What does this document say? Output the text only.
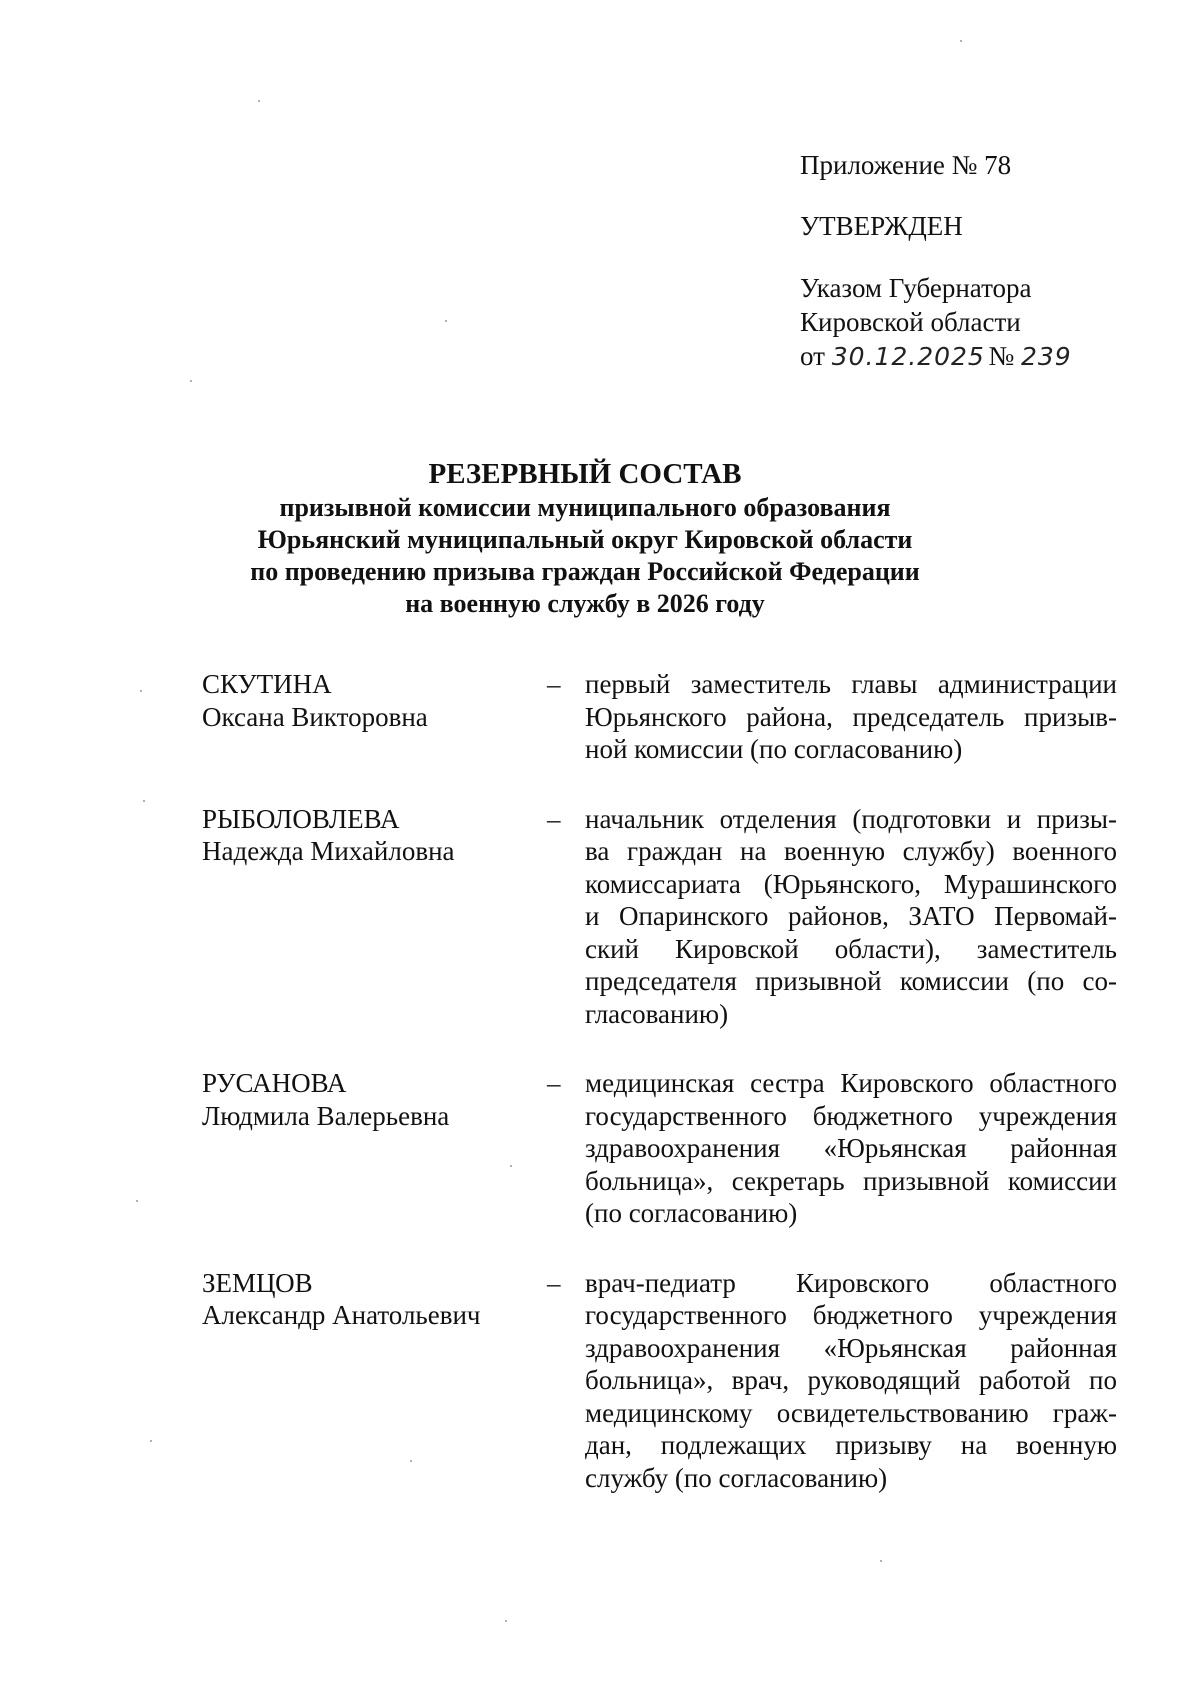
Приложение № 78
УТВЕРЖДЕН
Указом Губернатора
Кировской области
от 30.12.2025 № 239
РЕЗЕРВНЫЙ СОСТАВ
призывной комиссии муниципального образования
Юрьянский муниципальный округ Кировской области
по проведению призыва граждан Российской Федерации
на военную службу в 2026 году
СКУТИНА
Оксана Викторовна
– первый заместитель главы администрации
Юрьянского района, председатель призыв-
ной комиссии (по согласованию)
РЫБОЛОВЛЕВА
Надежда Михайловна
– начальник отделения (подготовки и призы-
ва граждан на военную службу) военного
комиссариата (Юрьянского, Мурашинского
и Опаринского районов, ЗАТО Первомай-
ский Кировской области), заместитель
председателя призывной комиссии (по со-
гласованию)
РУСАНОВА
Людмила Валерьевна
– медицинская сестра Кировского областного
государственного бюджетного учреждения
здравоохранения «Юрьянская районная
больница», секретарь призывной комиссии
(по согласованию)
ЗЕМЦОВ
Александр Анатольевич
– врач-педиатр Кировского областного
государственного бюджетного учреждения
здравоохранения «Юрьянская районная
больница», врач, руководящий работой по
медицинскому освидетельствованию граж-
дан, подлежащих призыву на военную
службу (по согласованию)
